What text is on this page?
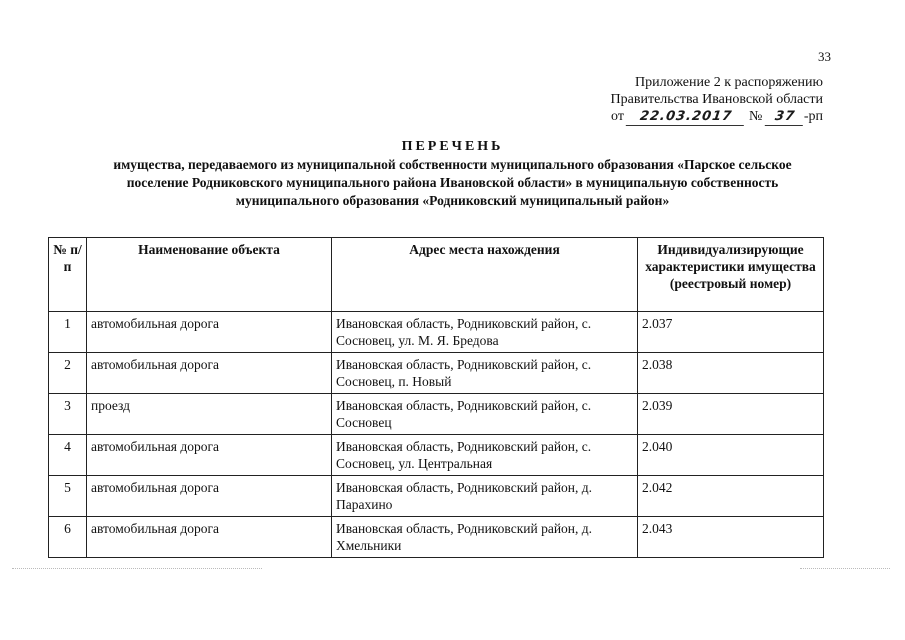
33
Приложение 2 к распоряжению
Правительства Ивановской области
от 22.03.2017 № 37 -рп
ПЕРЕЧЕНЬ
имущества, передаваемого из муниципальной собственности муниципального образования «Парское сельское
поселение Родниковского муниципального района Ивановской области» в муниципальную собственность
муниципального образования «Родниковский муниципальный район»
№ п/п	Наименование объекта	Адрес места нахождения	Индивидуализирующие характеристики имущества (реестровый номер)
1	автомобильная дорога	Ивановская область, Родниковский район, с. Сосновец, ул. М. Я. Бредова	2.037
2	автомобильная дорога	Ивановская область, Родниковский район, с. Сосновец, п. Новый	2.038
3	проезд	Ивановская область, Родниковский район, с. Сосновец	2.039
4	автомобильная дорога	Ивановская область, Родниковский район, с. Сосновец, ул. Центральная	2.040
5	автомобильная дорога	Ивановская область, Родниковский район, д. Парахино	2.042
6	автомобильная дорога	Ивановская область, Родниковский район, д. Хмельники	2.043
